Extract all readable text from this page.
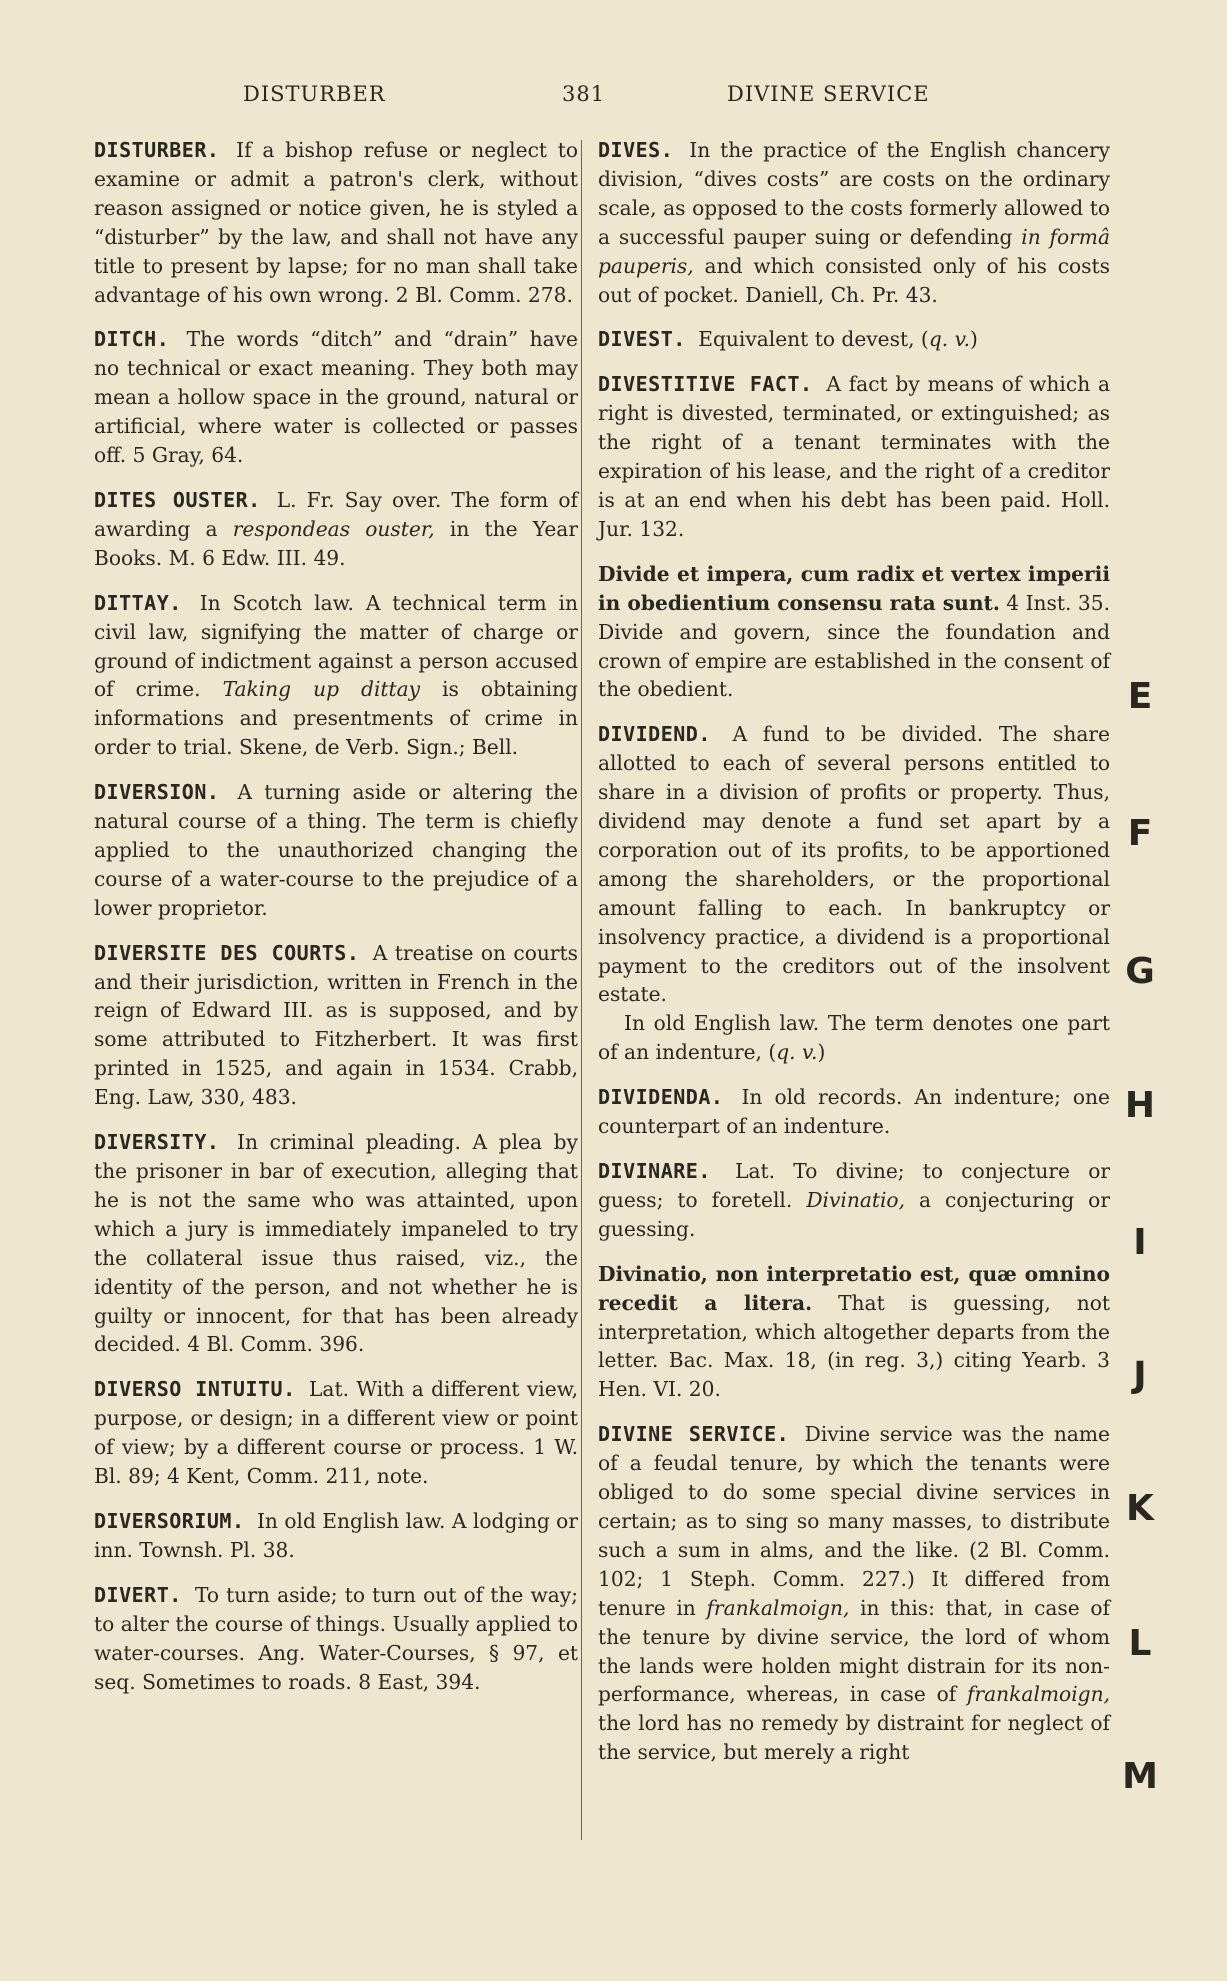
DISTURBER	381	DIVINE SERVICE

DISTURBER. If a bishop refuse or neglect to examine or admit a patron's clerk, without reason assigned or notice given, he is styled a “disturber” by the law, and shall not have any title to present by lapse; for no man shall take advantage of his own wrong. 2 Bl. Comm. 278.

DITCH. The words “ditch” and “drain” have no technical or exact meaning. They both may mean a hollow space in the ground, natural or artificial, where water is collected or passes off. 5 Gray, 64.

DITES OUSTER. L. Fr. Say over. The form of awarding a respondeas ouster, in the Year Books. M. 6 Edw. III. 49.

DITTAY. In Scotch law. A technical term in civil law, signifying the matter of charge or ground of indictment against a person accused of crime. Taking up dittay is obtaining informations and presentments of crime in order to trial. Skene, de Verb. Sign.; Bell.

DIVERSION. A turning aside or altering the natural course of a thing. The term is chiefly applied to the unauthorized changing the course of a water-course to the prejudice of a lower proprietor.

DIVERSITE DES COURTS. A treatise on courts and their jurisdiction, written in French in the reign of Edward III. as is supposed, and by some attributed to Fitzherbert. It was first printed in 1525, and again in 1534. Crabb, Eng. Law, 330, 483.

DIVERSITY. In criminal pleading. A plea by the prisoner in bar of execution, alleging that he is not the same who was attainted, upon which a jury is immediately impaneled to try the collateral issue thus raised, viz., the identity of the person, and not whether he is guilty or innocent, for that has been already decided. 4 Bl. Comm. 396.

DIVERSO INTUITU. Lat. With a different view, purpose, or design; in a different view or point of view; by a different course or process. 1 W. Bl. 89; 4 Kent, Comm. 211, note.

DIVERSORIUM. In old English law. A lodging or inn. Townsh. Pl. 38.

DIVERT. To turn aside; to turn out of the way; to alter the course of things. Usually applied to water-courses. Ang. Water-Courses, § 97, et seq. Sometimes to roads. 8 East, 394.

DIVES. In the practice of the English chancery division, “dives costs” are costs on the ordinary scale, as opposed to the costs formerly allowed to a successful pauper suing or defending in formâ pauperis, and which consisted only of his costs out of pocket. Daniell, Ch. Pr. 43.

DIVEST. Equivalent to devest, (q. v.)

DIVESTITIVE FACT. A fact by means of which a right is divested, terminated, or extinguished; as the right of a tenant terminates with the expiration of his lease, and the right of a creditor is at an end when his debt has been paid. Holl. Jur. 132.

Divide et impera, cum radix et vertex imperii in obedientium consensu rata sunt. 4 Inst. 35. Divide and govern, since the foundation and crown of empire are established in the consent of the obedient.

DIVIDEND. A fund to be divided. The share allotted to each of several persons entitled to share in a division of profits or property. Thus, dividend may denote a fund set apart by a corporation out of its profits, to be apportioned among the shareholders, or the proportional amount falling to each. In bankruptcy or insolvency practice, a dividend is a proportional payment to the creditors out of the insolvent estate.

In old English law. The term denotes one part of an indenture, (q. v.)

DIVIDENDA. In old records. An indenture; one counterpart of an indenture.

DIVINARE. Lat. To divine; to conjecture or guess; to foretell. Divinatio, a conjecturing or guessing.

Divinatio, non interpretatio est, quæ omnino recedit a litera. That is guessing, not interpretation, which altogether departs from the letter. Bac. Max. 18, (in reg. 3,) citing Yearb. 3 Hen. VI. 20.

DIVINE SERVICE. Divine service was the name of a feudal tenure, by which the tenants were obliged to do some special divine services in certain; as to sing so many masses, to distribute such a sum in alms, and the like. (2 Bl. Comm. 102; 1 Steph. Comm. 227.) It differed from tenure in frankalmoign, in this: that, in case of the tenure by divine service, the lord of whom the lands were holden might distrain for its non-performance, whereas, in case of frankalmoign, the lord has no remedy by distraint for neglect of the service, but merely a right

E
F
G
H
I
J
K
L
M
